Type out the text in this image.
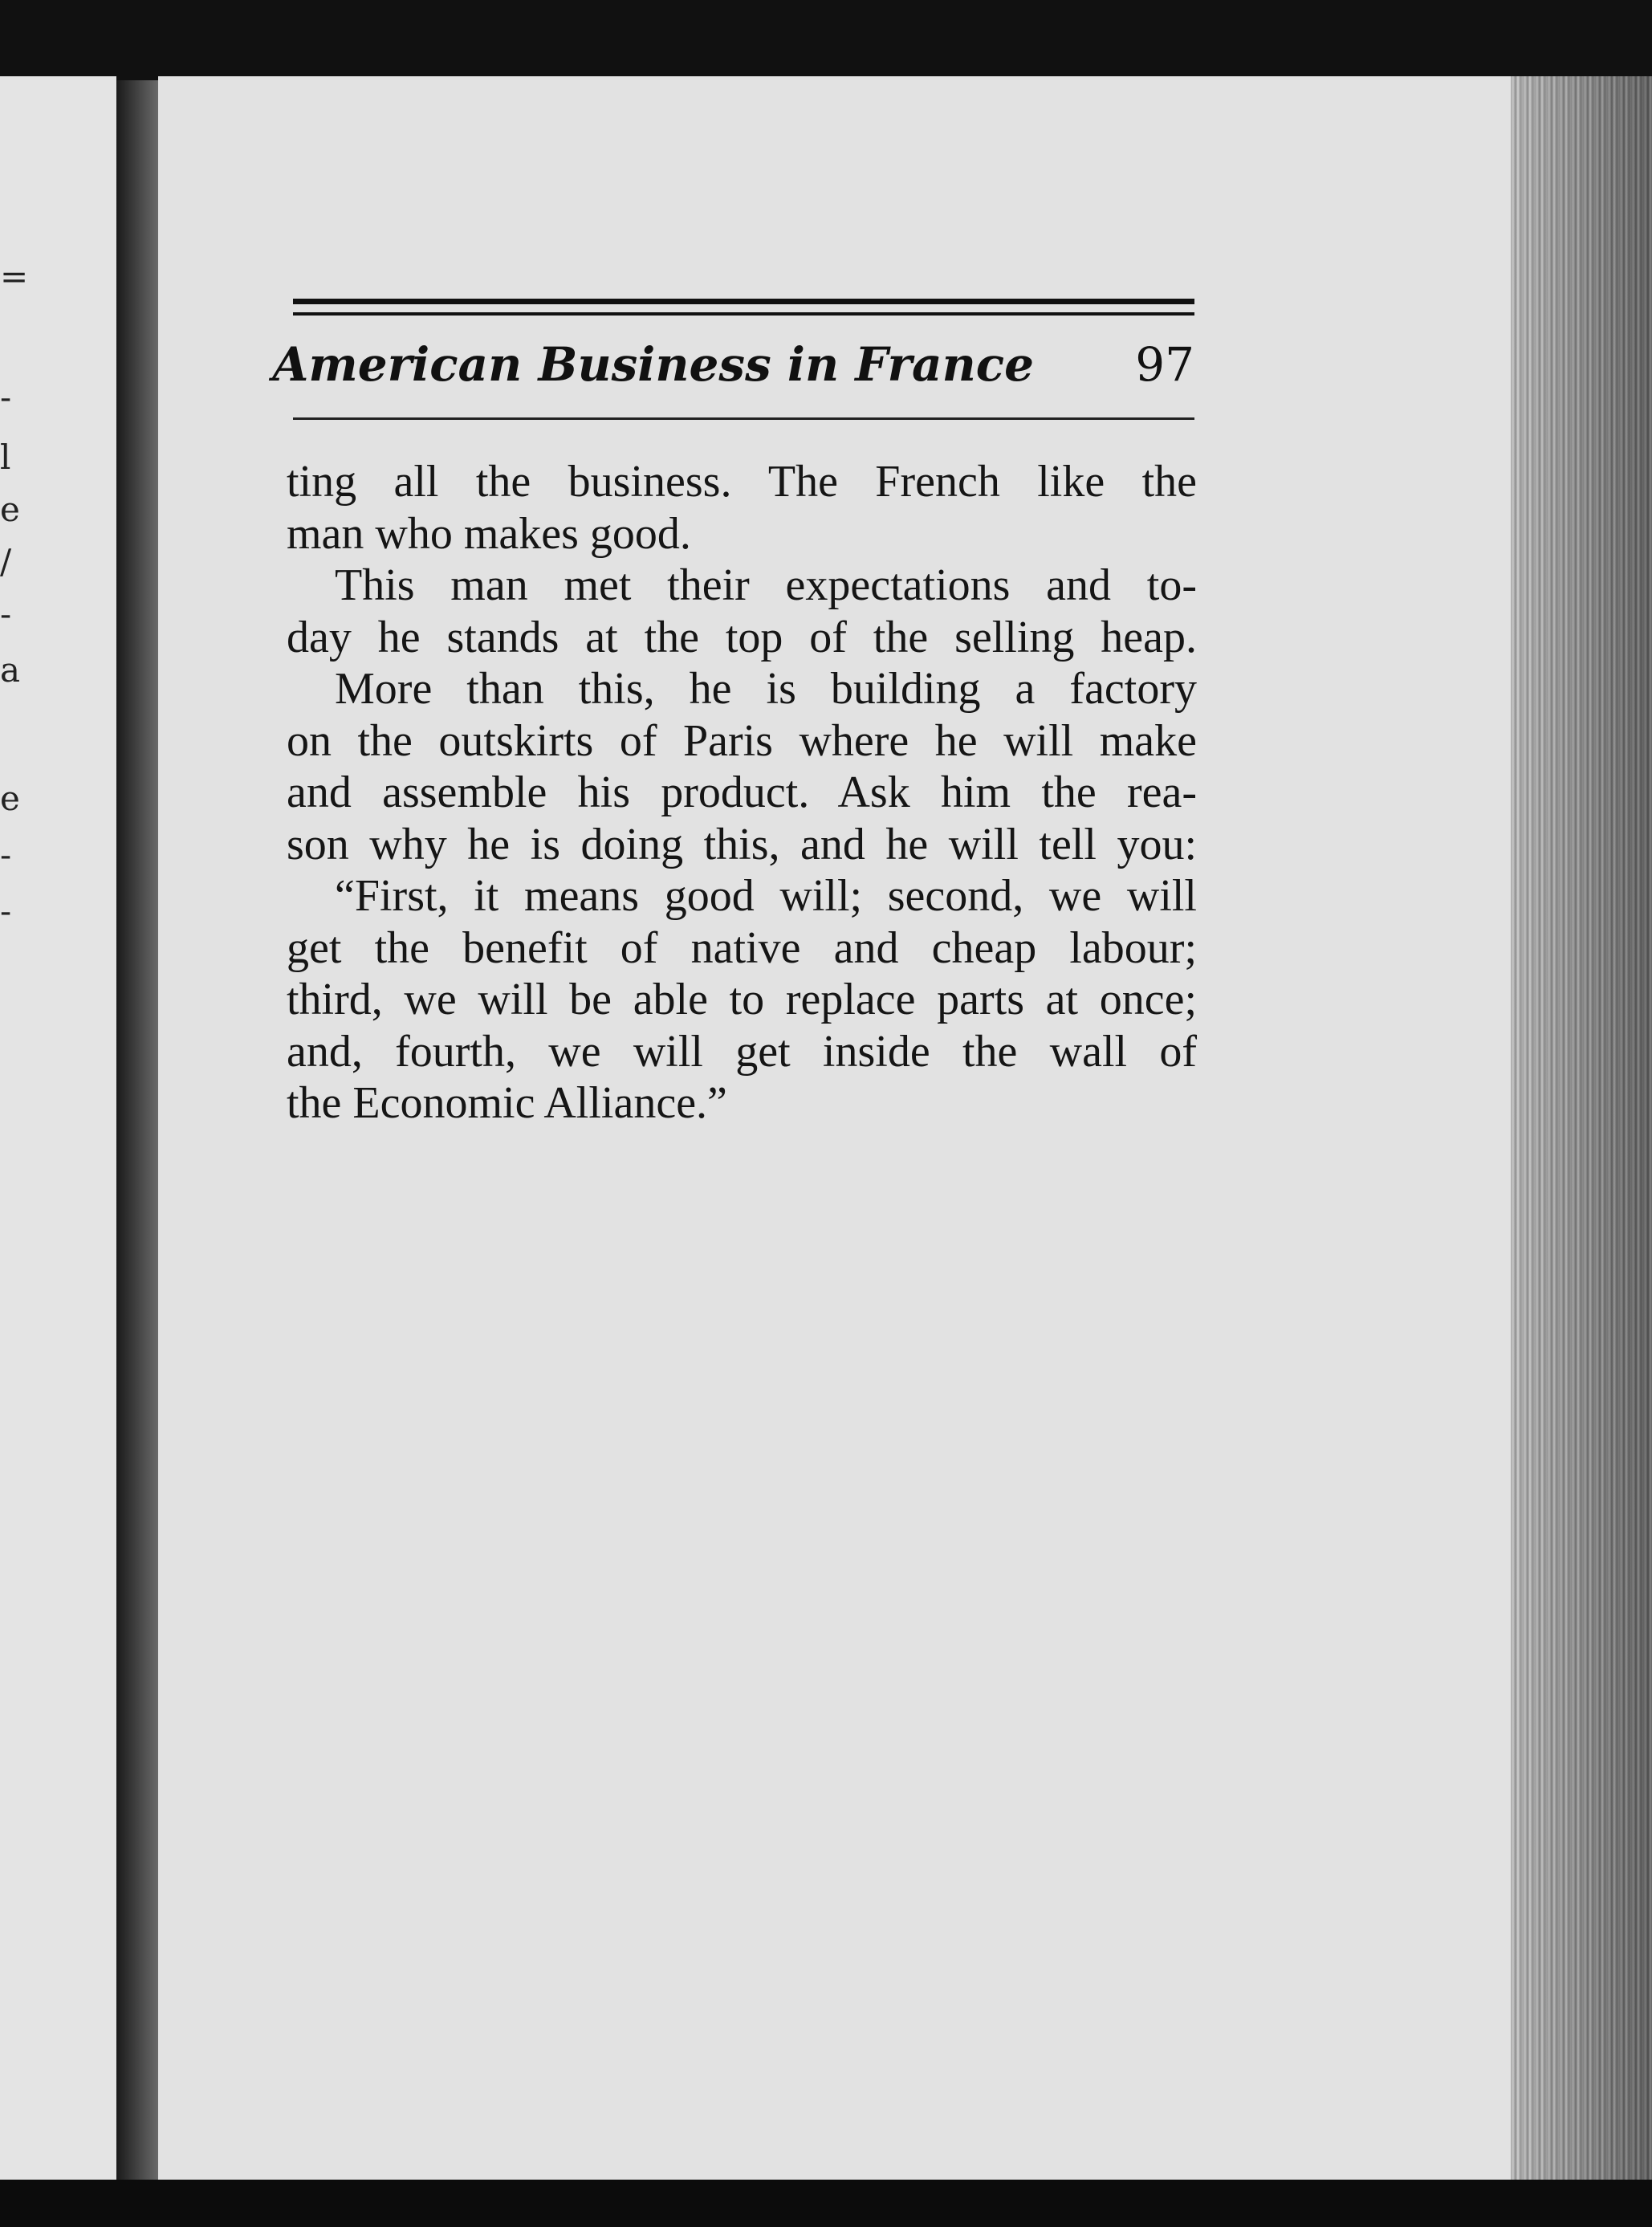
=
-
l
e
/
-
a
e
-
-
American Business in France 97
ting all the business. The French like the
man who makes good.
This man met their expectations and to-
day he stands at the top of the selling heap.
More than this, he is building a factory
on the outskirts of Paris where he will make
and assemble his product. Ask him the rea-
son why he is doing this, and he will tell you:
“First, it means good will; second, we will
get the benefit of native and cheap labour;
third, we will be able to replace parts at once;
and, fourth, we will get inside the wall of
the Economic Alliance.”
